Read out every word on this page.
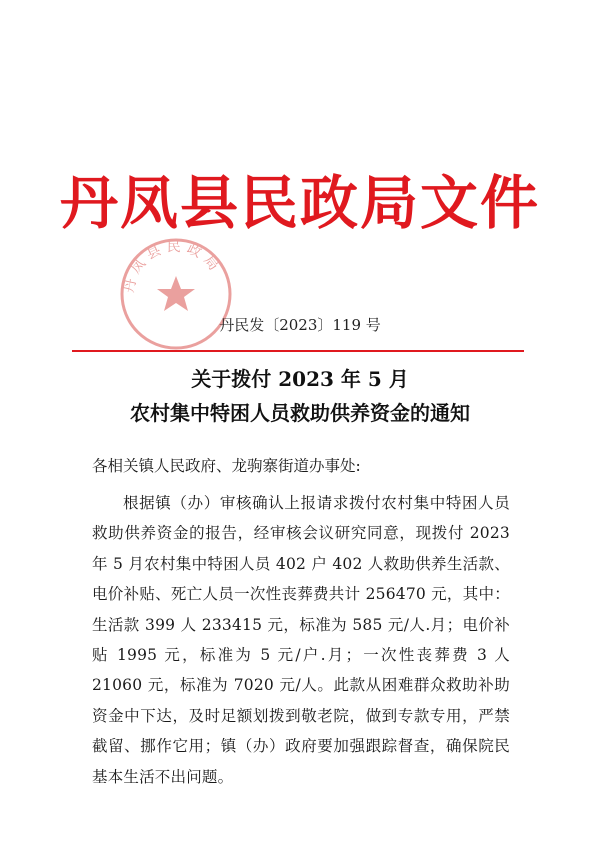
丹凤县民政局文件
丹凤县民政局
丹民发〔2023〕119 号
关于拨付 2023 年 5 月
农村集中特困人员救助供养资金的通知
各相关镇人民政府、龙驹寨街道办事处:

根据镇（办）审核确认上报请求拨付农村集中特困人员救助供养资金的报告，经审核会议研究同意，现拨付 2023 年 5 月农村集中特困人员 402 户 402 人救助供养生活款、电价补贴、死亡人员一次性丧葬费共计 256470 元，其中：生活款 399 人 233415 元，标准为 585 元/人.月；电价补贴 1995 元，标准为 5 元/户.月；一次性丧葬费 3 人 21060 元，标准为 7020 元/人。此款从困难群众救助补助资金中下达，及时足额划拨到敬老院，做到专款专用，严禁截留、挪作它用；镇（办）政府要加强跟踪督查，确保院民基本生活不出问题。
